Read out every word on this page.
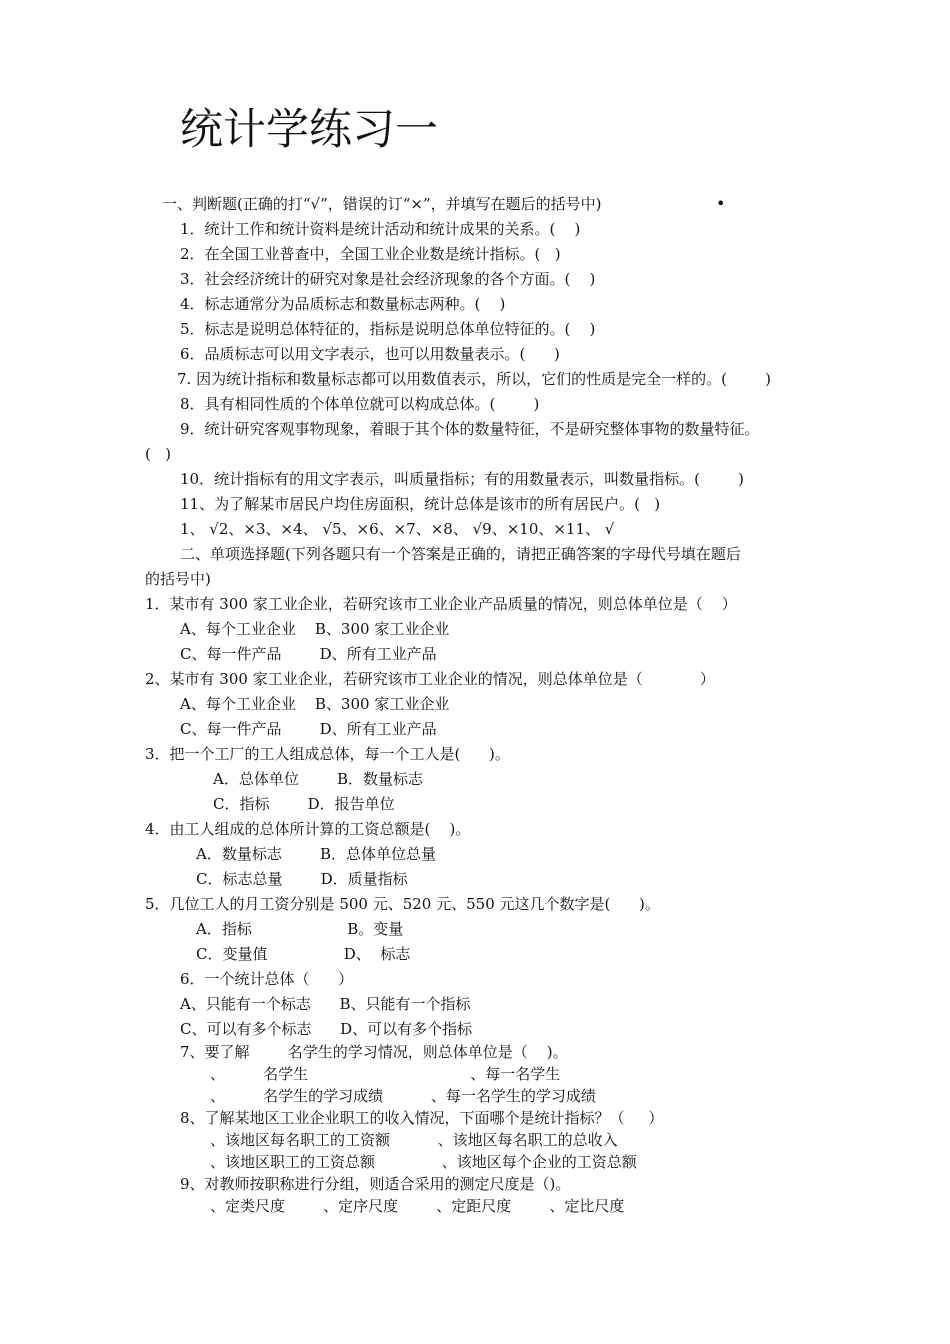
统计学练习一
一、判断题(正确的打“√”，错误的订“×”，并填写在题后的括号中)	•
1．统计工作和统计资料是统计活动和统计成果的关系。(    )
2．在全国工业普查中，全国工业企业数是统计指标。(   )
3．社会经济统计的研究对象是社会经济现象的各个方面。(    )
4．标志通常分为品质标志和数量标志两种。(    )
5．标志是说明总体特征的，指标是说明总体单位特征的。(    )
6．品质标志可以用文字表示，也可以用数量表示。(      )
7. 因为统计指标和数量标志都可以用数值表示，所以，它们的性质是完全一样的。(        )
8．具有相同性质的个体单位就可以构成总体。(        )
9．统计研究客观事物现象，着眼于其个体的数量特征，不是研究整体事物的数量特征。
(   )
10．统计指标有的用文字表示，叫质量指标；有的用数量表示，叫数量指标。(        )
11、为了解某市居民户均住房面积，统计总体是该市的所有居民户。(   )
1、 √2、×3、×4、 √5、×6、×7、×8、 √9、×10、×11、 √
二、单项选择题(下列各题只有一个答案是正确的，请把正确答案的字母代号填在题后
的括号中)
1．某市有 300 家工业企业，若研究该市工业企业产品质量的情况，则总体单位是（    ）
A、每个工业企业    B、300 家工业企业
C、每一件产品        D、所有工业产品
2、某市有 300 家工业企业，若研究该市工业企业的情况，则总体单位是（            ）
A、每个工业企业    B、300 家工业企业
C、每一件产品        D、所有工业产品
3．把一个工厂的工人组成总体，每一个工人是(      )。
A．总体单位        B．数量标志
C．指标        D．报告单位
4．由工人组成的总体所计算的工资总额是(    )。
A．数量标志        B．总体单位总量
C．标志总量        D．质量指标
5．几位工人的月工资分别是 500 元、520 元、550 元这几个数字是(      )。
A．指标                    B。变量
C．变量值                D、  标志
6．一个统计总体（      ）
A、只能有一个标志      B、只能有一个指标
C、可以有多个标志      D、可以有多个指标
7、要了解        名学生的学习情况，则总体单位是（    )。
、        名学生                                  、每一名学生
、        名学生的学习成绩          、每一名学生的学习成绩
8、了解某地区工业企业职工的收入情况，下面哪个是统计指标？（     ）
、该地区每名职工的工资额          、该地区每名职工的总收入
、该地区职工的工资总额              、该地区每个企业的工资总额
9、对教师按职称进行分组，则适合采用的测定尺度是（)。
、定类尺度        、定序尺度        、定距尺度        、定比尺度
